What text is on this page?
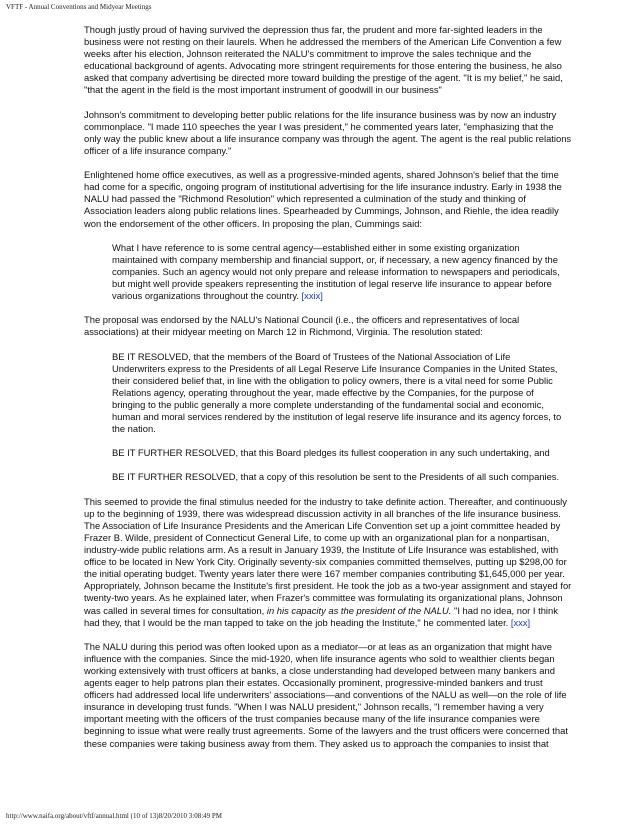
VFTF - Annual Conventions and Midyear Meetings

Though justly proud of having survived the depression thus far, the prudent and more far-sighted leaders in the business were not resting on their laurels. When he addressed the members of the American Life Convention a few weeks after his election, Johnson reiterated the NALU's commitment to improve the sales technique and the educational background of agents. Advocating more stringent requirements for those entering the business, he also asked that company advertising be directed more toward building the prestige of the agent. "It is my belief," he said, "that the agent in the field is the most important instrument of goodwill in our business"

Johnson's commitment to developing better public relations for the life insurance business was by now an industry commonplace. "I made 110 speeches the year I was president," he commented years later, "emphasizing that the only way the public knew about a life insurance company was through the agent. The agent is the real public relations officer of a life insurance company."

Enlightened home office executives, as well as a progressive-minded agents, shared Johnson's belief that the time had come for a specific, ongoing program of institutional advertising for the life insurance industry. Early in 1938 the NALU had passed the "Richmond Resolution" which represented a culmination of the study and thinking of Association leaders along public relations lines. Spearheaded by Cummings, Johnson, and Riehle, the idea readily won the endorsement of the other officers. In proposing the plan, Cummings said:

What I have reference to is some central agency—established either in some existing organization maintained with company membership and financial support, or, if necessary, a new agency financed by the companies. Such an agency would not only prepare and release information to newspapers and periodicals, but might well provide speakers representing the institution of legal reserve life insurance to appear before various organizations throughout the country. [xxix]

The proposal was endorsed by the NALU's National Council (i.e., the officers and representatives of local associations) at their midyear meeting on March 12 in Richmond, Virginia. The resolution stated:

BE IT RESOLVED, that the members of the Board of Trustees of the National Association of Life Underwriters express to the Presidents of all Legal Reserve Life Insurance Companies in the United States, their considered belief that, in line with the obligation to policy owners, there is a vital need for some Public Relations agency, operating throughout the year, made effective by the Companies, for the purpose of bringing to the public generally a more complete understanding of the fundamental social and economic, human and moral services rendered by the institution of legal reserve life insurance and its agency forces, to the nation.

BE IT FURTHER RESOLVED, that this Board pledges its fullest cooperation in any such undertaking, and

BE IT FURTHER RESOLVED, that a copy of this resolution be sent to the Presidents of all such companies.

This seemed to provide the final stimulus needed for the industry to take definite action. Thereafter, and continuously up to the beginning of 1939, there was widespread discussion activity in all branches of the life insurance business. The Association of Life Insurance Presidents and the American Life Convention set up a joint committee headed by Frazer B. Wilde, president of Connecticut General Life, to come up with an organizational plan for a nonpartisan, industry-wide public relations arm. As a result in January 1939, the Institute of Life Insurance was established, with office to be located in New York City. Originally seventy-six companies committed themselves, putting up $298,00 for the initial operating budget. Twenty years later there were 167 member companies contributing $1,645,000 per year. Appropriately, Johnson became the Institute's first president. He took the job as a two-year assignment and stayed for twenty-two years. As he explained later, when Frazer's committee was formulating its organizational plans, Johnson was called in several times for consultation, in his capacity as the president of the NALU. "I had no idea, nor I think had they, that I would be the man tapped to take on the job heading the Institute," he commented later. [xxx]

The NALU during this period was often looked upon as a mediator—or at leas as an organization that might have influence with the companies. Since the mid-1920, when life insurance agents who sold to wealthier clients began working extensively with trust officers at banks, a close understanding had developed between many bankers and agents eager to help patrons plan their estates. Occasionally prominent, progressive-minded bankers and trust officers had addressed local life underwriters' associations—and conventions of the NALU as well—on the role of life insurance in developing trust funds. "When I was NALU president," Johnson recalls, "I remember having a very important meeting with the officers of the trust companies because many of the life insurance companies were beginning to issue what were really trust agreements. Some of the lawyers and the trust officers were concerned that these companies were taking business away from them. They asked us to approach the companies to insist that

http://www.naifa.org/about/vftf/annual.html (10 of 13)8/20/2010 3:08:49 PM
